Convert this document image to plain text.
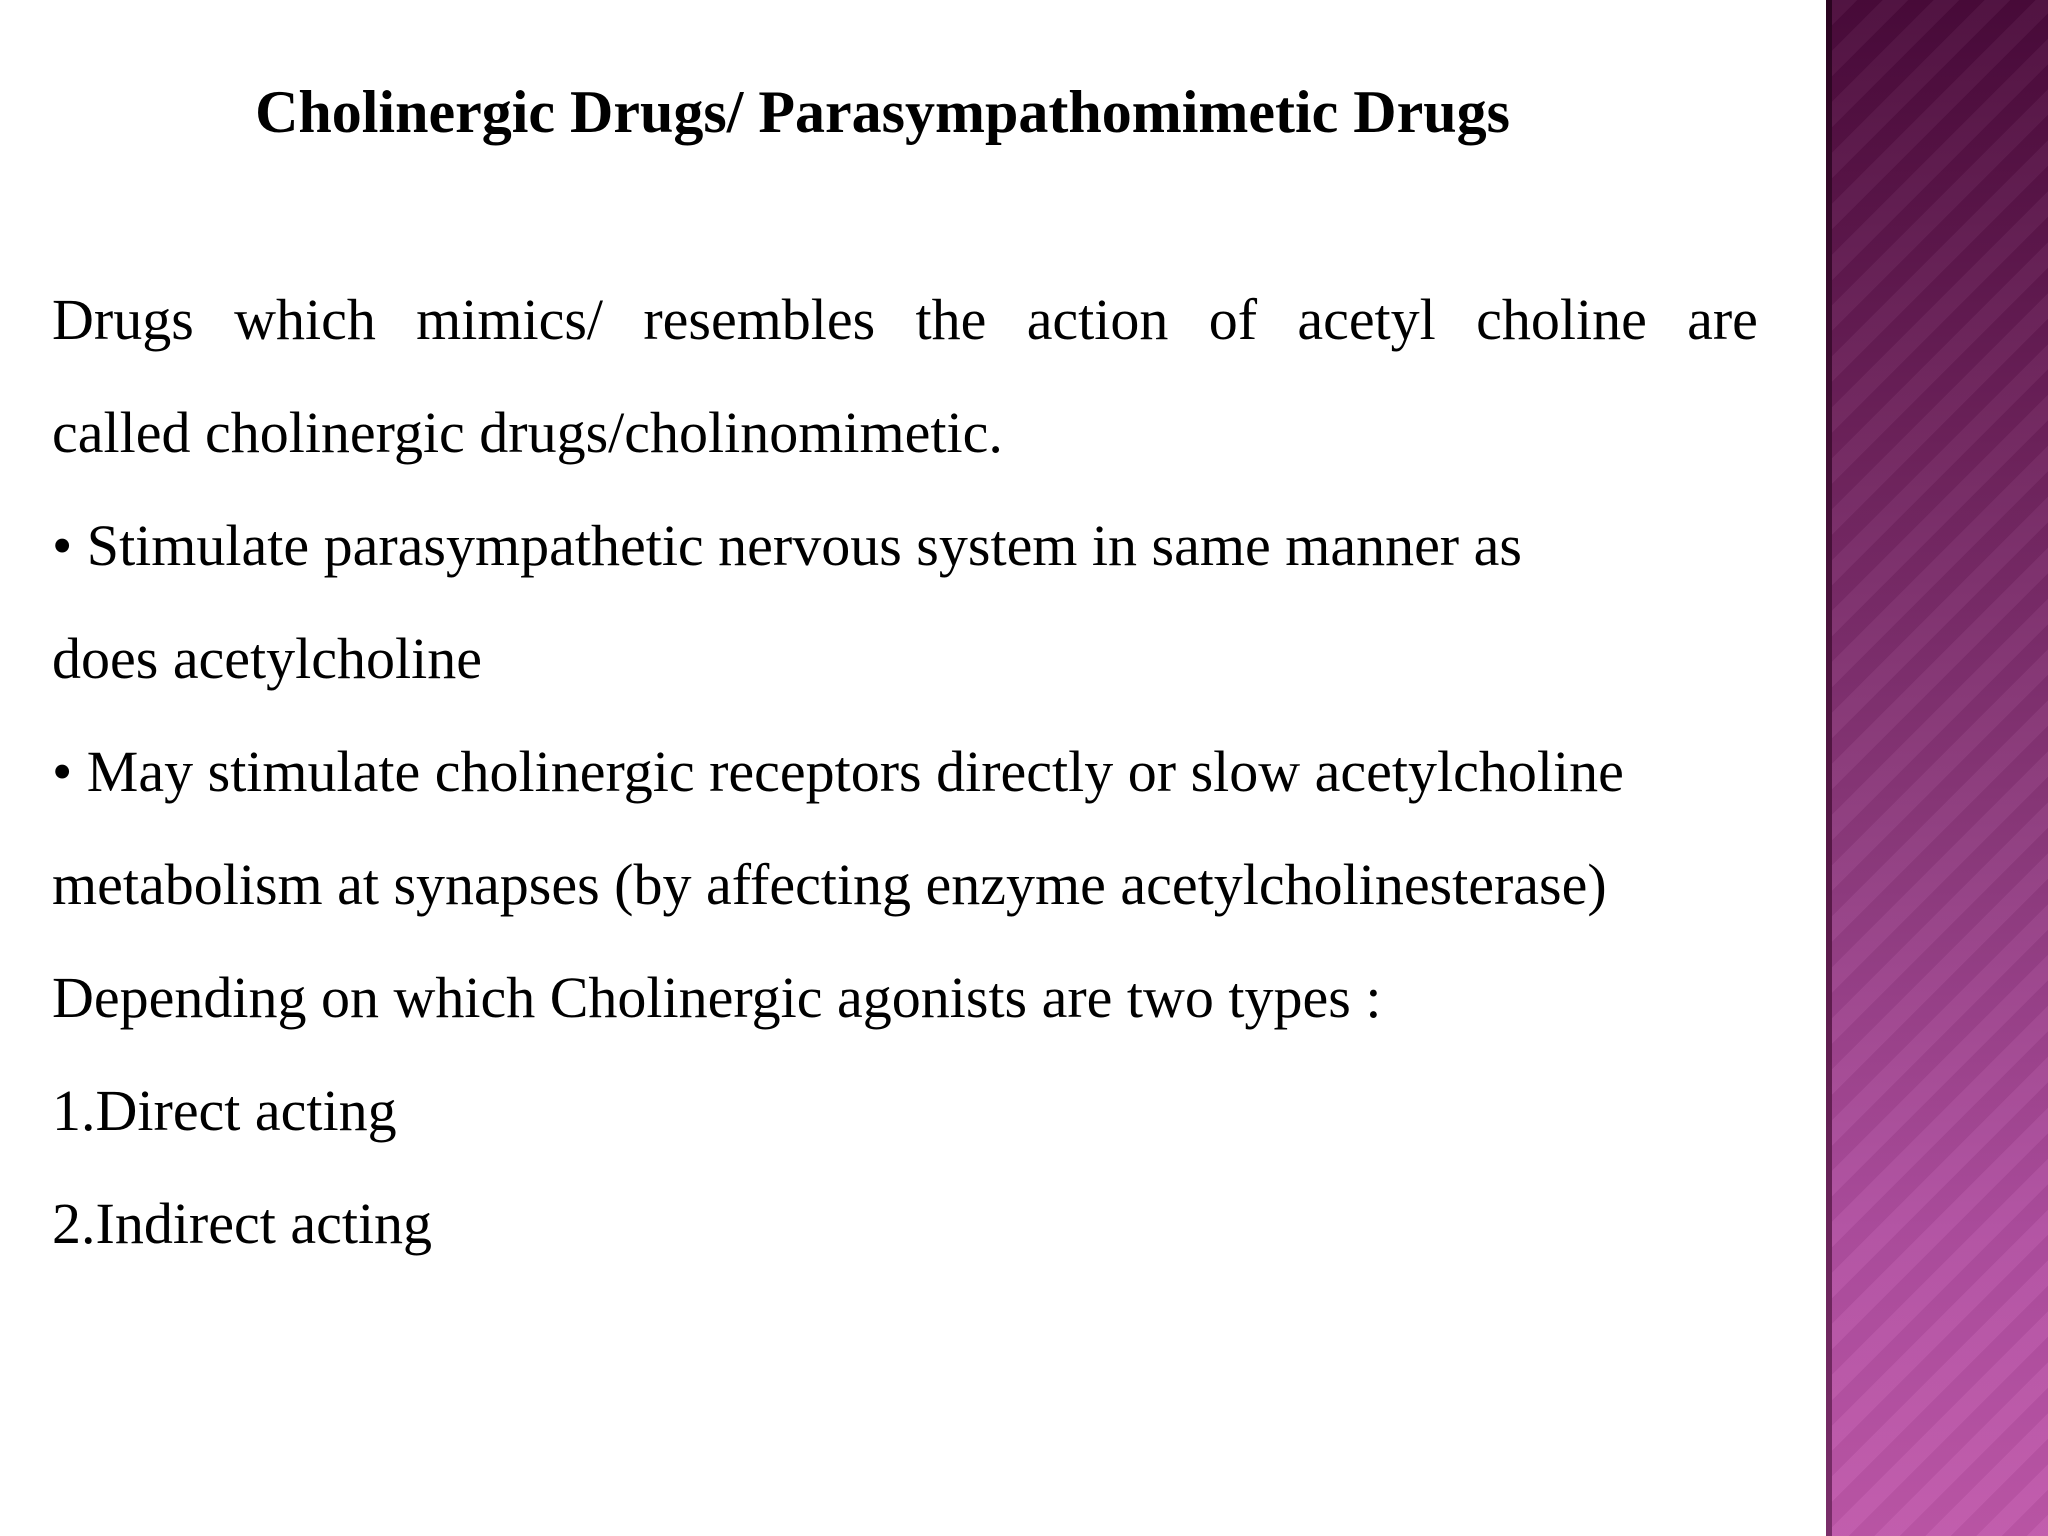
Cholinergic Drugs/ Parasympathomimetic Drugs
Drugs which mimics/ resembles the action of acetyl choline are

called cholinergic drugs/cholinomimetic.

• Stimulate parasympathetic nervous system in same manner as

does acetylcholine

• May stimulate cholinergic receptors directly or slow acetylcholine

metabolism at synapses (by affecting enzyme acetylcholinesterase)

Depending on which Cholinergic agonists are two types :

1.Direct acting

2.Indirect acting
